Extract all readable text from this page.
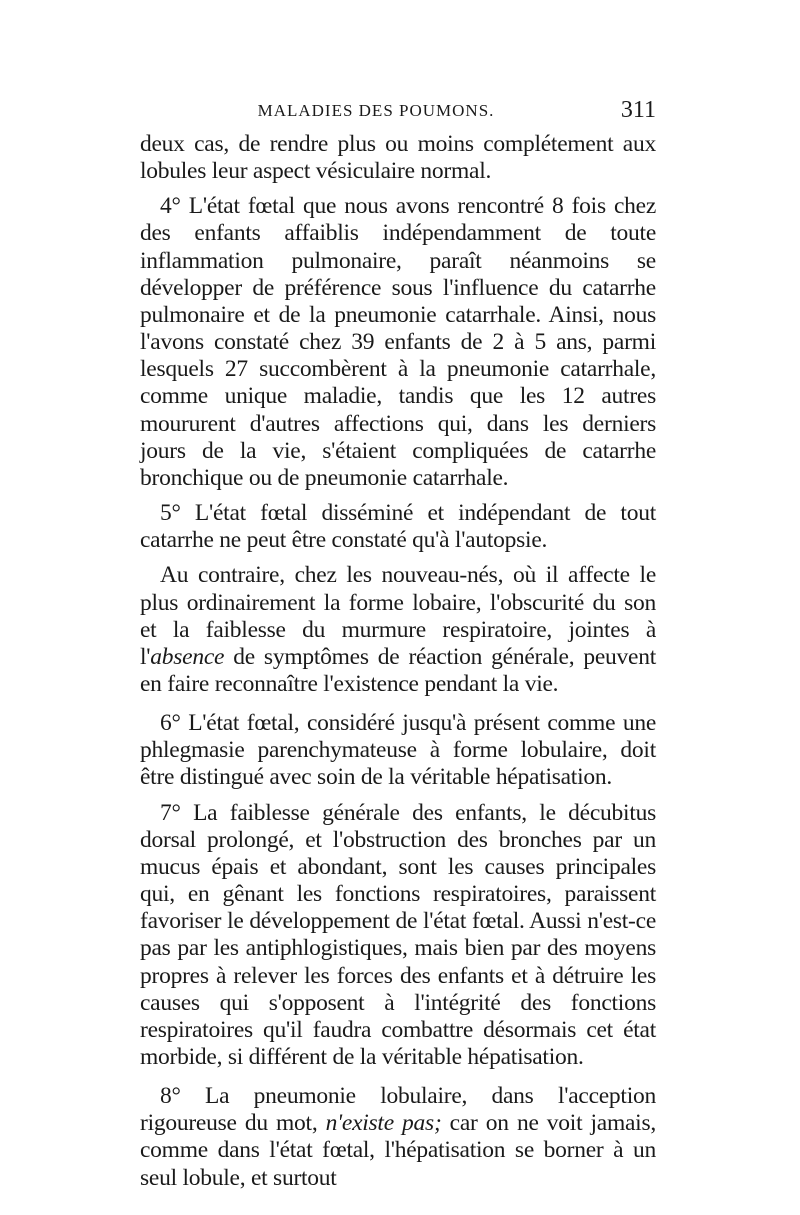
MALADIES DES POUMONS.	311

deux cas, de rendre plus ou moins complétement aux lobules leur aspect vésiculaire normal.

4° L'état fœtal que nous avons rencontré 8 fois chez des enfants affaiblis indépendamment de toute inflammation pulmonaire, paraît néanmoins se développer de préférence sous l'influence du catarrhe pulmonaire et de la pneumonie catarrhale. Ainsi, nous l'avons constaté chez 39 enfants de 2 à 5 ans, parmi lesquels 27 succombèrent à la pneumonie catarrhale, comme unique maladie, tandis que les 12 autres moururent d'autres affections qui, dans les derniers jours de la vie, s'étaient compliquées de catarrhe bronchique ou de pneumonie catarrhale.

5° L'état fœtal disséminé et indépendant de tout catarrhe ne peut être constaté qu'à l'autopsie.

Au contraire, chez les nouveau-nés, où il affecte le plus ordinairement la forme lobaire, l'obscurité du son et la faiblesse du murmure respiratoire, jointes à l'absence de symptômes de réaction générale, peuvent en faire reconnaître l'existence pendant la vie.

6° L'état fœtal, considéré jusqu'à présent comme une phlegmasie parenchymateuse à forme lobulaire, doit être distingué avec soin de la véritable hépatisation.

7° La faiblesse générale des enfants, le décubitus dorsal prolongé, et l'obstruction des bronches par un mucus épais et abondant, sont les causes principales qui, en gênant les fonctions respiratoires, paraissent favoriser le développement de l'état fœtal. Aussi n'est-ce pas par les antiphlogistiques, mais bien par des moyens propres à relever les forces des enfants et à détruire les causes qui s'opposent à l'intégrité des fonctions respiratoires qu'il faudra combattre désormais cet état morbide, si différent de la véritable hépatisation.

8° La pneumonie lobulaire, dans l'acception rigoureuse du mot, n'existe pas; car on ne voit jamais, comme dans l'état fœtal, l'hépatisation se borner à un seul lobule, et surtout
